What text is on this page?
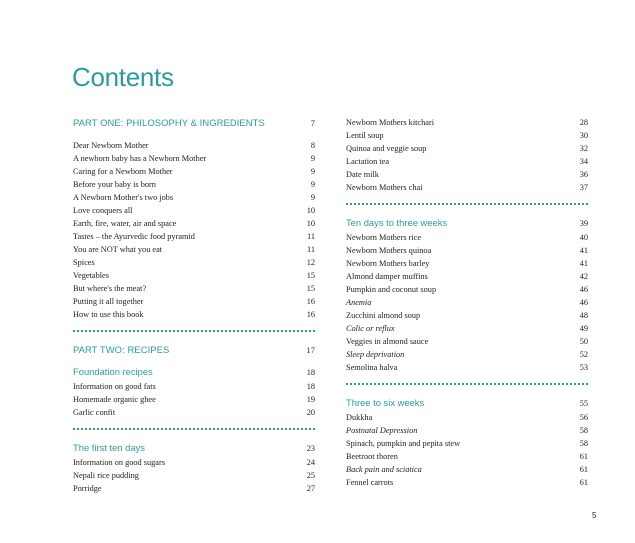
Contents
PART ONE: PHILOSOPHY & INGREDIENTS	7
Dear Newborn Mother	8
A newborn baby has a Newborn Mother	9
Caring for a Newborn Mother	9
Before your baby is born	9
A Newborn Mother's two jobs	9
Love conquers all	10
Earth, fire, water, air and space	10
Tastes – the Ayurvedic food pyramid	11
You are NOT what you eat	11
Spices	12
Vegetables	15
But where's the meat?	15
Putting it all together	16
How to use this book	16
PART TWO: RECIPES	17
Foundation recipes	18
Information on good fats	18
Homemade organic ghee	19
Garlic confit	20
The first ten days	23
Information on good sugars	24
Nepali rice pudding	25
Porridge	27
Newborn Mothers kitchari	28
Lentil soup	30
Quinoa and veggie soup	32
Lactation tea	34
Date milk	36
Newborn Mothers chai	37
Ten days to three weeks	39
Newborn Mothers rice	40
Newborn Mothers quinoa	41
Newborn Mothers barley	41
Almond damper muffins	42
Pumpkin and coconut soup	46
Anemia	46
Zucchini almond soup	48
Colic or reflux	49
Veggies in almond sauce	50
Sleep deprivation	52
Semolina halva	53
Three to six weeks	55
Dukkha	56
Postnatal Depression	58
Spinach, pumpkin and pepita stew	58
Beetroot thoren	61
Back pain and sciatica	61
Fennel carrots	61
5
